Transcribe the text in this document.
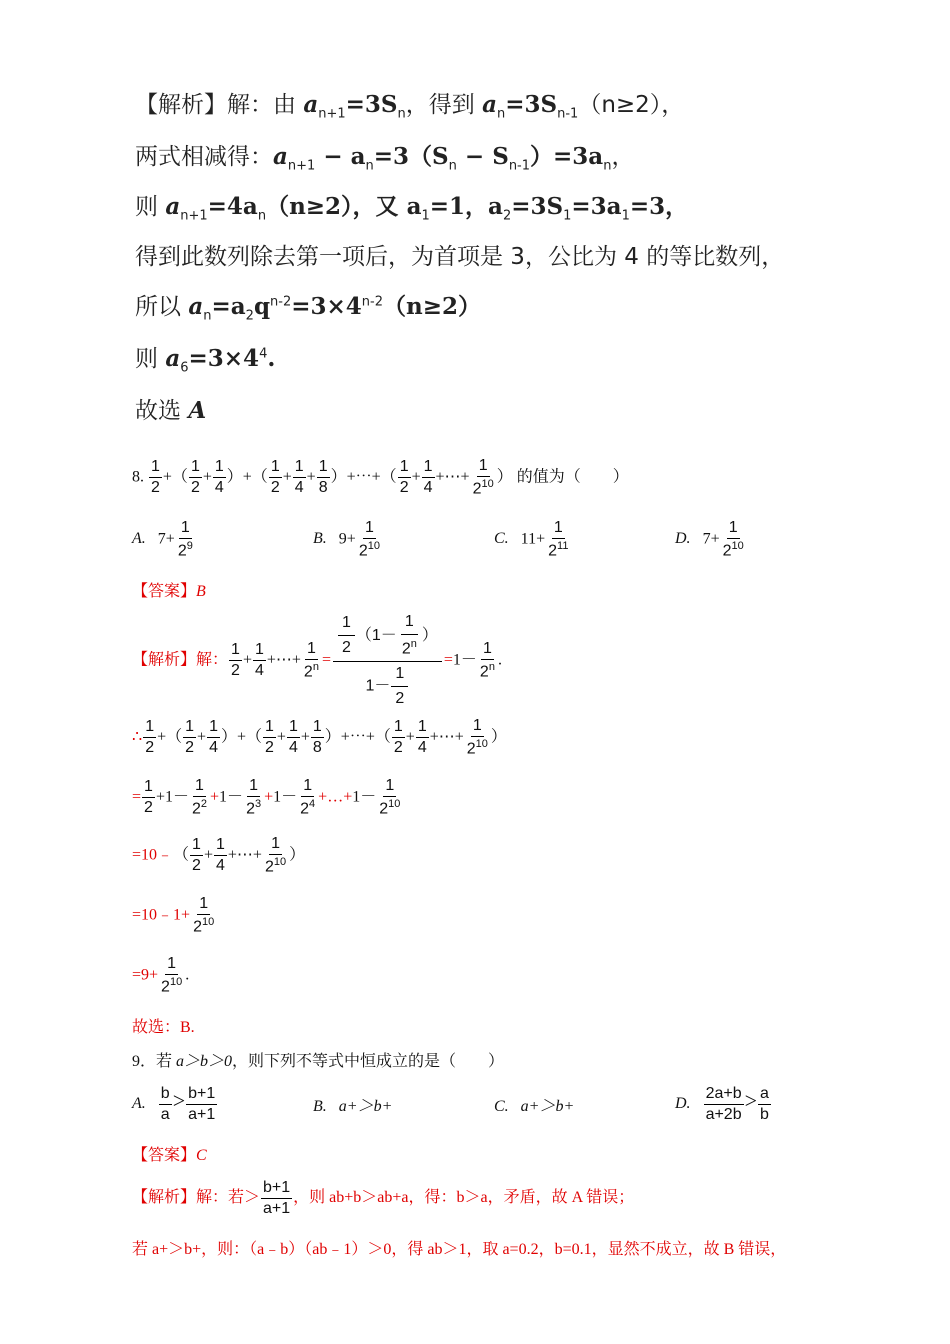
【解析】解：由 $a_{n+1}=3S_n$，得到 $a_n=3S_{n-1}(n\ge 2)$，
两式相减得：$a_{n+1} - a_n=3(S_n - S_{n-1})=3a_n$，
则 $a_{n+1}=4a_n(n\ge 2)$，又 $a_1=1$，$a_2=3S_1=3a_1=3$，
得到此数列除去第一项后，为首项是 3，公比为 4 的等比数列，
所以 $a_n=a_2q^{n-2}=3\times 4^{n-2}(n\ge 2)$
则 $a_6=3\times 4^4$.
故选 A
8. $\frac{1}{2}$ +（ $\frac{1}{2} + \frac{1}{4}$ ）+（ $\frac{1}{2} + \frac{1}{4} + \frac{1}{8}$ ）+⋯+（ $\frac{1}{2} + \frac{1}{4}$ +⋯+ $\frac{1}{2^{10}}$ ） 的值为（　　）
A. $7+ \frac{1}{2^9}$	B. $9+ \frac{1}{2^{10}}$	C. $11+ \frac{1}{2^{11}}$	D. $7+ \frac{1}{2^{10}}$
【答案】B
【解析】解： $\frac{1}{2} + \frac{1}{4}$ +⋯+ $\frac{1}{2^n} = \frac{\frac{1}{2} (1- \frac{1}{2^n} )}{1- \frac{1}{2}} =1- \frac{1}{2^n}$ .
∴ $\frac{1}{2}$ +（ $\frac{1}{2} + \frac{1}{4}$ ）+（ $\frac{1}{2} + \frac{1}{4} + \frac{1}{8}$ ）+⋯+（ $\frac{1}{2} + \frac{1}{4}$ +⋯+ $\frac{1}{2^{10}}$ ）
= $\frac{1}{2} +1- \frac{1}{2^2} +1- \frac{1}{2^3} +1- \frac{1}{2^4}$ +…+1－ $\frac{1}{2^{10}}$
=10﹣（ $\frac{1}{2} + \frac{1}{4}$ +⋯+ $\frac{1}{2^{10}}$ ）
=10﹣1+ $\frac{1}{2^{10}}$
$=9+ \frac{1}{2^{10}}$ .
故选：B.
9．若 a＞b＞0，则下列不等式中恒成立的是（　　）
A. $\frac{b}{a} > \frac{b+1}{a+1}$	B. a+＞b+	C. a+＞b+	D. $\frac{2a+b}{a+2b} > \frac{a}{b}$
【答案】C
【解析】解：若＞ $\frac{b+1}{a+1}$ ，则 ab+b＞ab+a，得：b＞a，矛盾，故 A 错误；
若 a+＞b+，则：（a﹣b）（ab﹣1）＞0，得 ab＞1，取 a=0.2，b=0.1，显然不成立，故 B 错误，
